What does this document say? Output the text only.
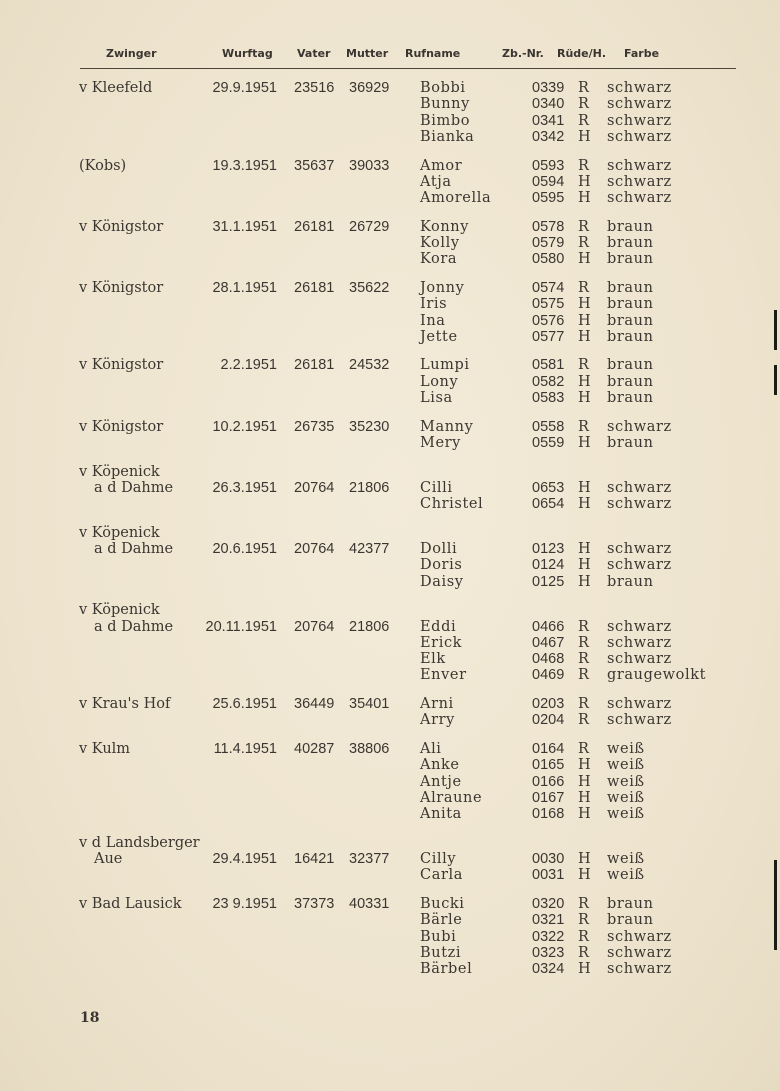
Zwinger	Wurftag Vater Mutter Rufname	Zb.-Nr. Rüde/H. Farbe
v Kleefeld	29.9.1951 23516 36929 Bobbi	0339 R schwarz
Bunny	0340 R schwarz
Bimbo	0341 R schwarz
Bianka	0342 H schwarz
(Kobs)	19.3.1951 35637 39033 Amor	0593 R schwarz
Atja	0594 H schwarz
Amorella	0595 H schwarz
v Königstor	31.1.1951 26181 26729 Konny	0578 R braun
Kolly	0579 R braun
Kora	0580 H braun
v Königstor	28.1.1951 26181 35622 Jonny	0574 R braun
Iris	0575 H braun
Ina	0576 H braun
Jette	0577 H braun
v Königstor	2.2.1951 26181 24532 Lumpi	0581 R braun
Lony	0582 H braun
Lisa	0583 H braun
v Königstor	10.2.1951 26735 35230 Manny	0558 R schwarz
Mery	0559 H braun
v Köpenick
a d Dahme	26.3.1951 20764 21806 Cilli	0653 H schwarz
Christel	0654 H schwarz
v Köpenick
a d Dahme	20.6.1951 20764 42377 Dolli	0123 H schwarz
Doris	0124 H schwarz
Daisy	0125 H braun
v Köpenick
a d Dahme 20.11.1951 20764 21806 Eddi	0466 R schwarz
Erick	0467 R schwarz
Elk	0468 R schwarz
Enver	0469 R graugewolkt
v Krau's Hof	25.6.1951 36449 35401 Arni	0203 R schwarz
Arry	0204 R schwarz
v Kulm	11.4.1951 40287 38806 Ali	0164 R weiß
Anke	0165 H weiß
Antje	0166 H weiß
Alraune	0167 H weiß
Anita	0168 H weiß
v d Landsberger
Aue	29.4.1951 16421 32377 Cilly	0030 H weiß
Carla	0031 H weiß
v Bad Lausick 23 9.1951 37373 40331 Bucki	0320 R braun
Bärle	0321 R braun
Bubi	0322 R schwarz
Butzi	0323 R schwarz
Bärbel	0324 H schwarz
18
